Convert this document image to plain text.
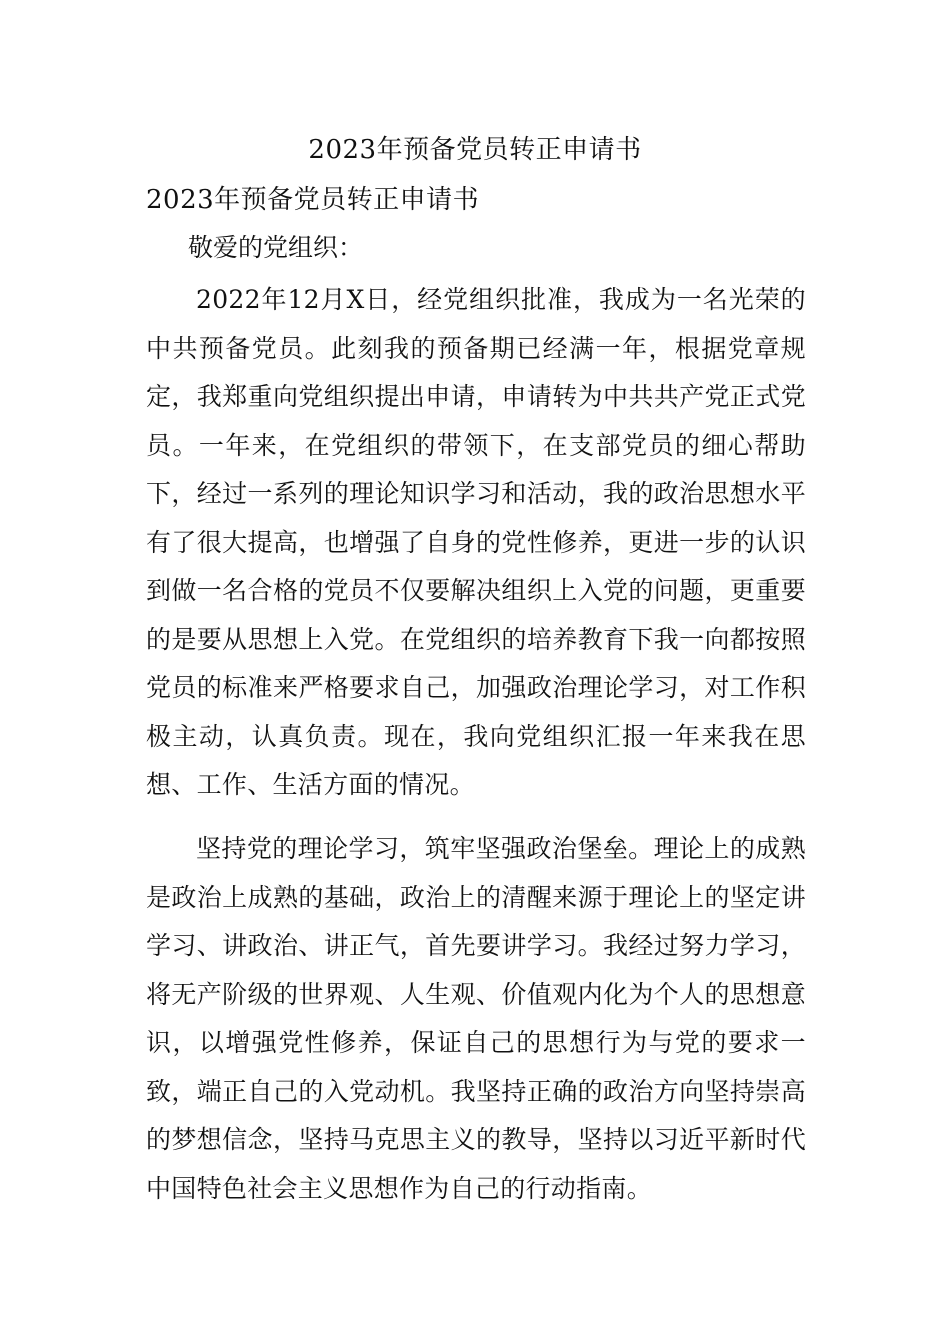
2023年预备党员转正申请书
2023年预备党员转正申请书
敬爱的党组织：

2022年12月X日，经党组织批准，我成为一名光荣的中共预备党员。此刻我的预备期已经满一年，根据党章规定，我郑重向党组织提出申请，申请转为中共共产党正式党员。一年来，在党组织的带领下，在支部党员的细心帮助下，经过一系列的理论知识学习和活动，我的政治思想水平有了很大提高，也增强了自身的党性修养，更进一步的认识到做一名合格的党员不仅要解决组织上入党的问题，更重要的是要从思想上入党。在党组织的培养教育下我一向都按照党员的标准来严格要求自己，加强政治理论学习，对工作积极主动，认真负责。现在，我向党组织汇报一年来我在思想、工作、生活方面的情况。

坚持党的理论学习，筑牢坚强政治堡垒。理论上的成熟是政治上成熟的基础，政治上的清醒来源于理论上的坚定讲学习、讲政治、讲正气，首先要讲学习。我经过努力学习，将无产阶级的世界观、人生观、价值观内化为个人的思想意识，以增强党性修养，保证自己的思想行为与党的要求一致，端正自己的入党动机。我坚持正确的政治方向坚持崇高的梦想信念，坚持马克思主义的教导，坚持以习近平新时代中国特色社会主义思想作为自己的行动指南。
